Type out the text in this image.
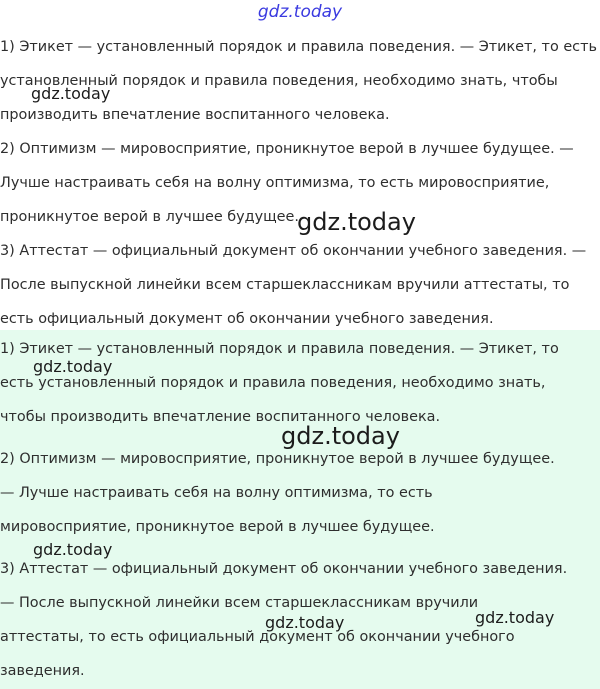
gdz.today

1) Этикет — установленный порядок и правила поведения. — Этикет, то есть
установленный порядок и правила поведения, необходимо знать, чтобы
производить впечатление воспитанного человека.

2) Оптимизм — мировосприятие, проникнутое верой в лучшее будущее. —
Лучше настраивать себя на волну оптимизма, то есть мировосприятие,
проникнутое верой в лучшее будущее.

3) Аттестат — официальный документ об окончании учебного заведения. —
После выпускной линейки всем старшеклассникам вручили аттестаты, то
есть официальный документ об окончании учебного заведения.

1) Этикет — установленный порядок и правила поведения. — Этикет, то
есть установленный порядок и правила поведения, необходимо знать,
чтобы производить впечатление воспитанного человека.

2) Оптимизм — мировосприятие, проникнутое верой в лучшее будущее.
— Лучше настраивать себя на волну оптимизма, то есть
мировосприятие, проникнутое верой в лучшее будущее.

3) Аттестат — официальный документ об окончании учебного заведения.
— После выпускной линейки всем старшеклассникам вручили
аттестаты, то есть официальный документ об окончании учебного
заведения.

gdz.today
gdz.today
gdz.today
gdz.today
gdz.today
gdz.today
gdz.today
